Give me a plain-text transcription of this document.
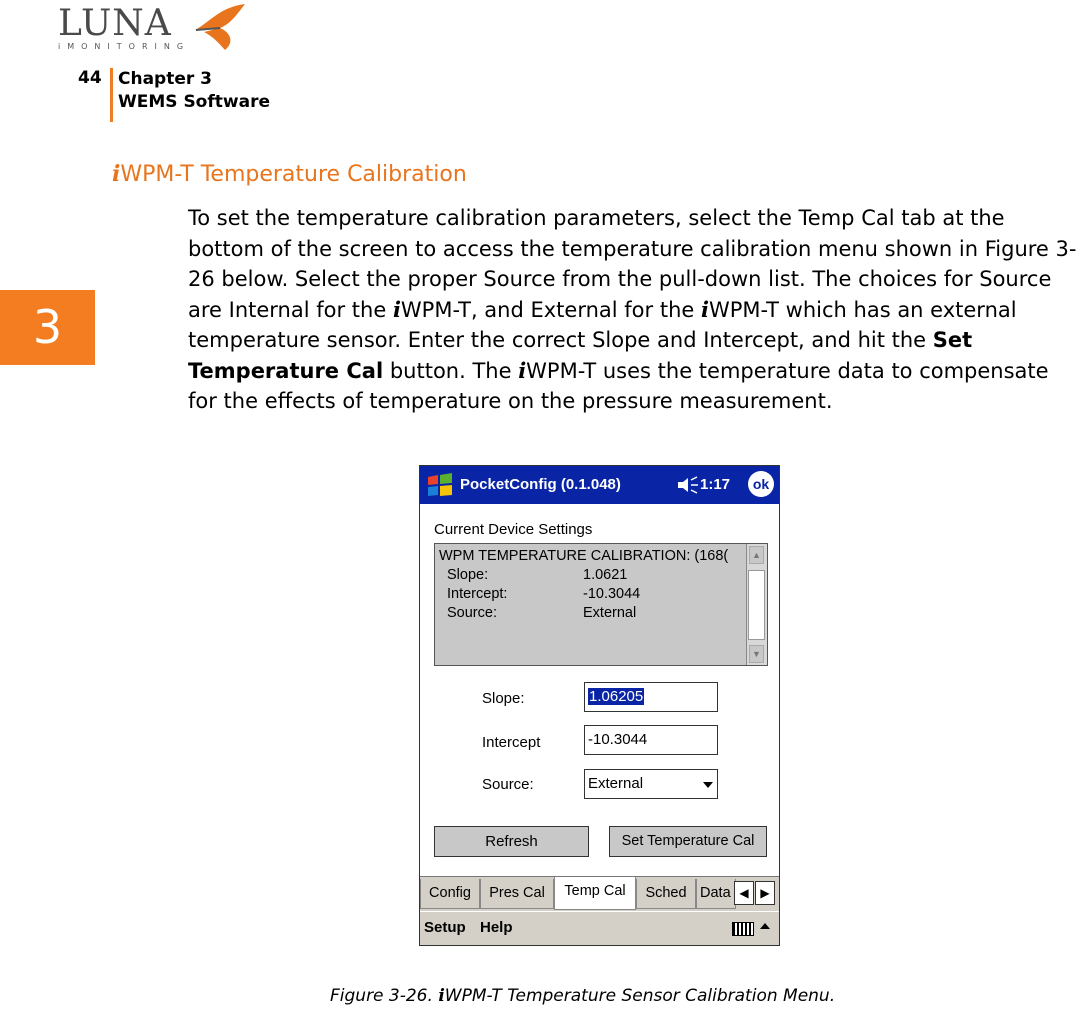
LUNA
iMONITORING
44 Chapter 3
WEMS Software
3
iWPM-T Temperature Calibration
To set the temperature calibration parameters, select the Temp Cal tab at the bottom of the screen to access the temperature calibration menu shown in Figure 3-26 below. Select the proper Source from the pull-down list. The choices for Source are Internal for the iWPM-T, and External for the iWPM-T which has an external temperature sensor. Enter the correct Slope and Intercept, and hit the Set Temperature Cal button. The iWPM-T uses the temperature data to compensate for the effects of temperature on the pressure measurement.
PocketConfig (0.1.048)	1:17	ok
Current Device Settings
WPM TEMPERATURE CALIBRATION: (168(
Slope:	1.0621
Intercept:	-10.3044
Source:	External
▲
▼
Slope:	1.06205
Intercept	-10.3044
Source:	External
Refresh	Set Temperature Cal
Config	Pres Cal	Temp Cal	Sched Data ◀ ▶
Setup Help
Figure 3-26. iWPM-T Temperature Sensor Calibration Menu.
